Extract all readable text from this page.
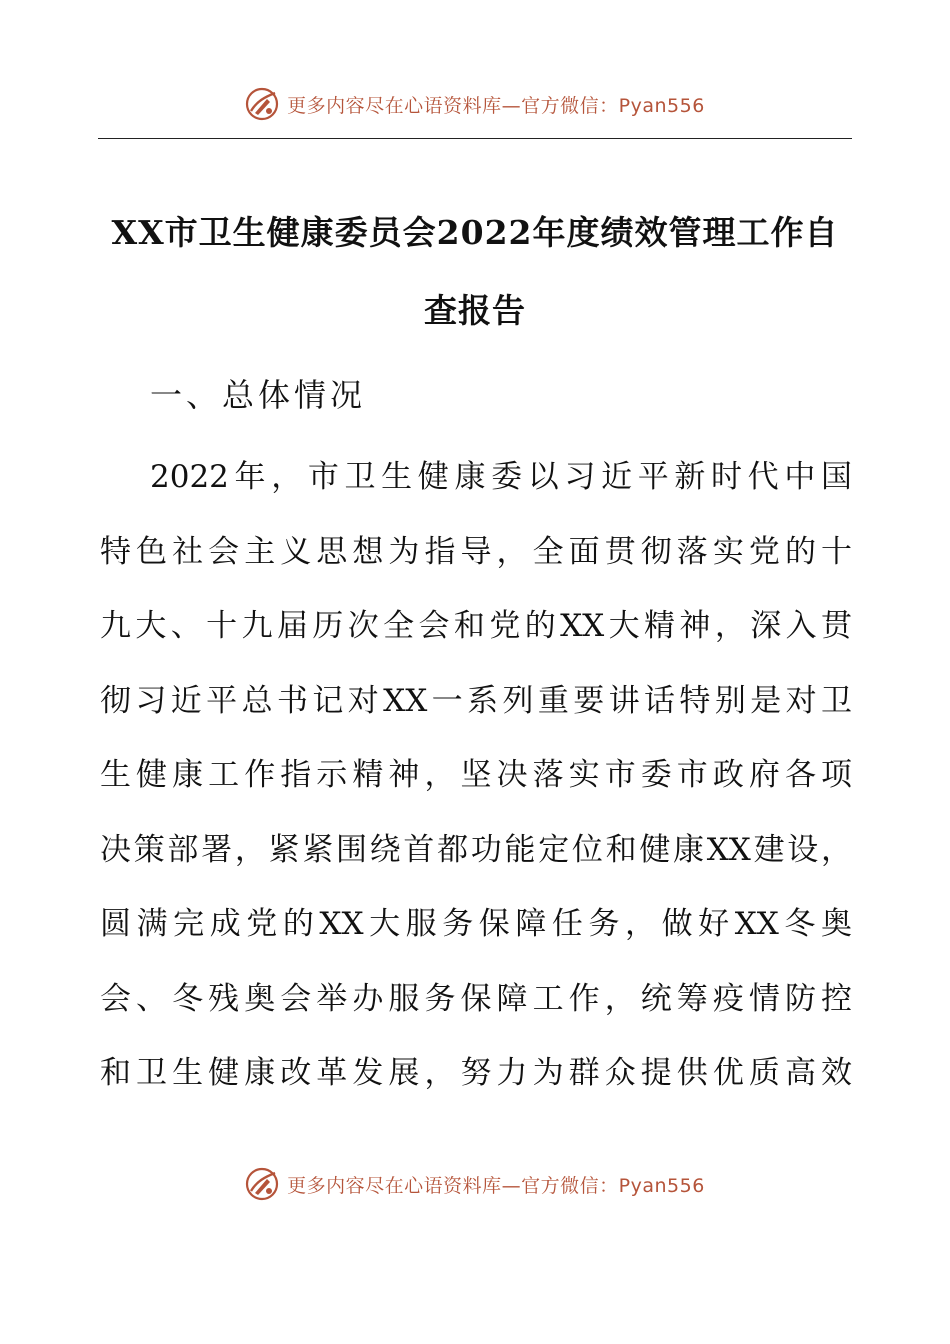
更多内容尽在心语资料库—官方微信：Pyan556
XX市卫生健康委员会2022年度绩效管理工作自
查报告
一、总体情况
2022年，市卫生健康委以习近平新时代中国
特色社会主义思想为指导，全面贯彻落实党的十
九大、十九届历次全会和党的XX大精神，深入贯
彻习近平总书记对XX一系列重要讲话特别是对卫
生健康工作指示精神，坚决落实市委市政府各项
决策部署，紧紧围绕首都功能定位和健康XX建设，
圆满完成党的XX大服务保障任务，做好XX冬奥
会、冬残奥会举办服务保障工作，统筹疫情防控
和卫生健康改革发展，努力为群众提供优质高效
更多内容尽在心语资料库—官方微信：Pyan556
